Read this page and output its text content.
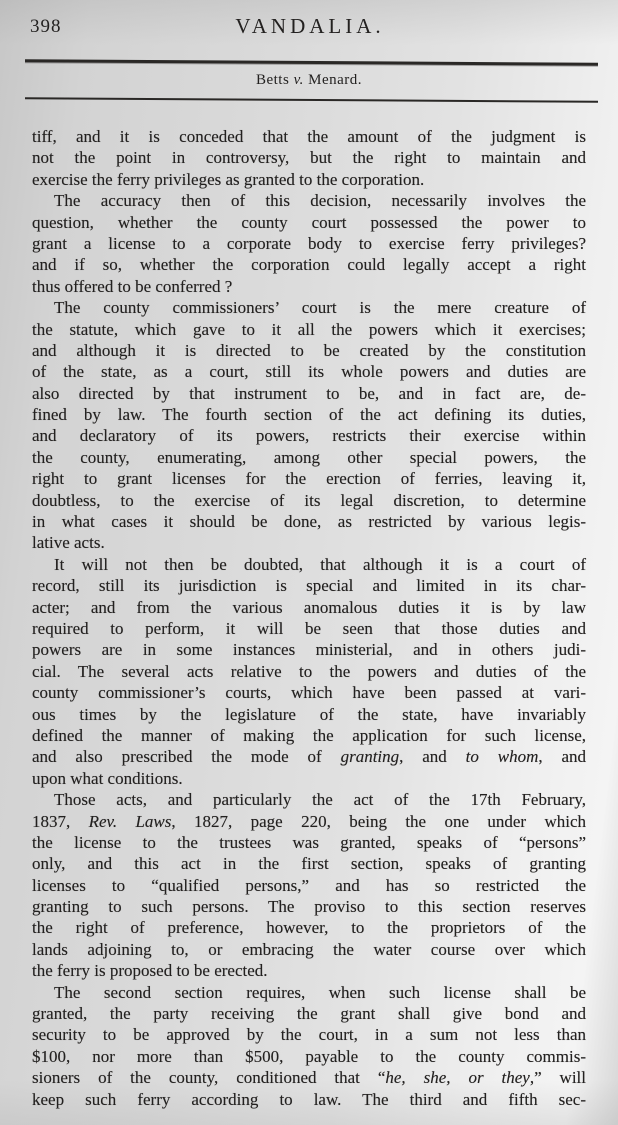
398	VANDALIA.
Betts v. Menard.
tiff, and it is conceded that the amount of the judgment is
not the point in controversy, but the right to maintain and
exercise the ferry privileges as granted to the corporation.
The accuracy then of this decision, necessarily involves the
question, whether the county court possessed the power to
grant a license to a corporate body to exercise ferry privileges?
and if so, whether the corporation could legally accept a right
thus offered to be conferred ?
The county commissioners’ court is the mere creature of
the statute, which gave to it all the powers which it exercises;
and although it is directed to be created by the constitution
of the state, as a court, still its whole powers and duties are
also directed by that instrument to be, and in fact are, de-
fined by law. The fourth section of the act defining its duties,
and declaratory of its powers, restricts their exercise within
the county, enumerating, among other special powers, the
right to grant licenses for the erection of ferries, leaving it,
doubtless, to the exercise of its legal discretion, to determine
in what cases it should be done, as restricted by various legis-
lative acts.
It will not then be doubted, that although it is a court of
record, still its jurisdiction is special and limited in its char-
acter; and from the various anomalous duties it is by law
required to perform, it will be seen that those duties and
powers are in some instances ministerial, and in others judi-
cial. The several acts relative to the powers and duties of the
county commissioner’s courts, which have been passed at vari-
ous times by the legislature of the state, have invariably
defined the manner of making the application for such license,
and also prescribed the mode of granting, and to whom, and
upon what conditions.
Those acts, and particularly the act of the 17th February,
1837, Rev. Laws, 1827, page 220, being the one under which
the license to the trustees was granted, speaks of “persons”
only, and this act in the first section, speaks of granting
licenses to “qualified persons,” and has so restricted the
granting to such persons. The proviso to this section reserves
the right of preference, however, to the proprietors of the
lands adjoining to, or embracing the water course over which
the ferry is proposed to be erected.
The second section requires, when such license shall be
granted, the party receiving the grant shall give bond and
security to be approved by the court, in a sum not less than
$100, nor more than $500, payable to the county commis-
sioners of the county, conditioned that “he, she, or they,” will
keep such ferry according to law. The third and fifth sec-
